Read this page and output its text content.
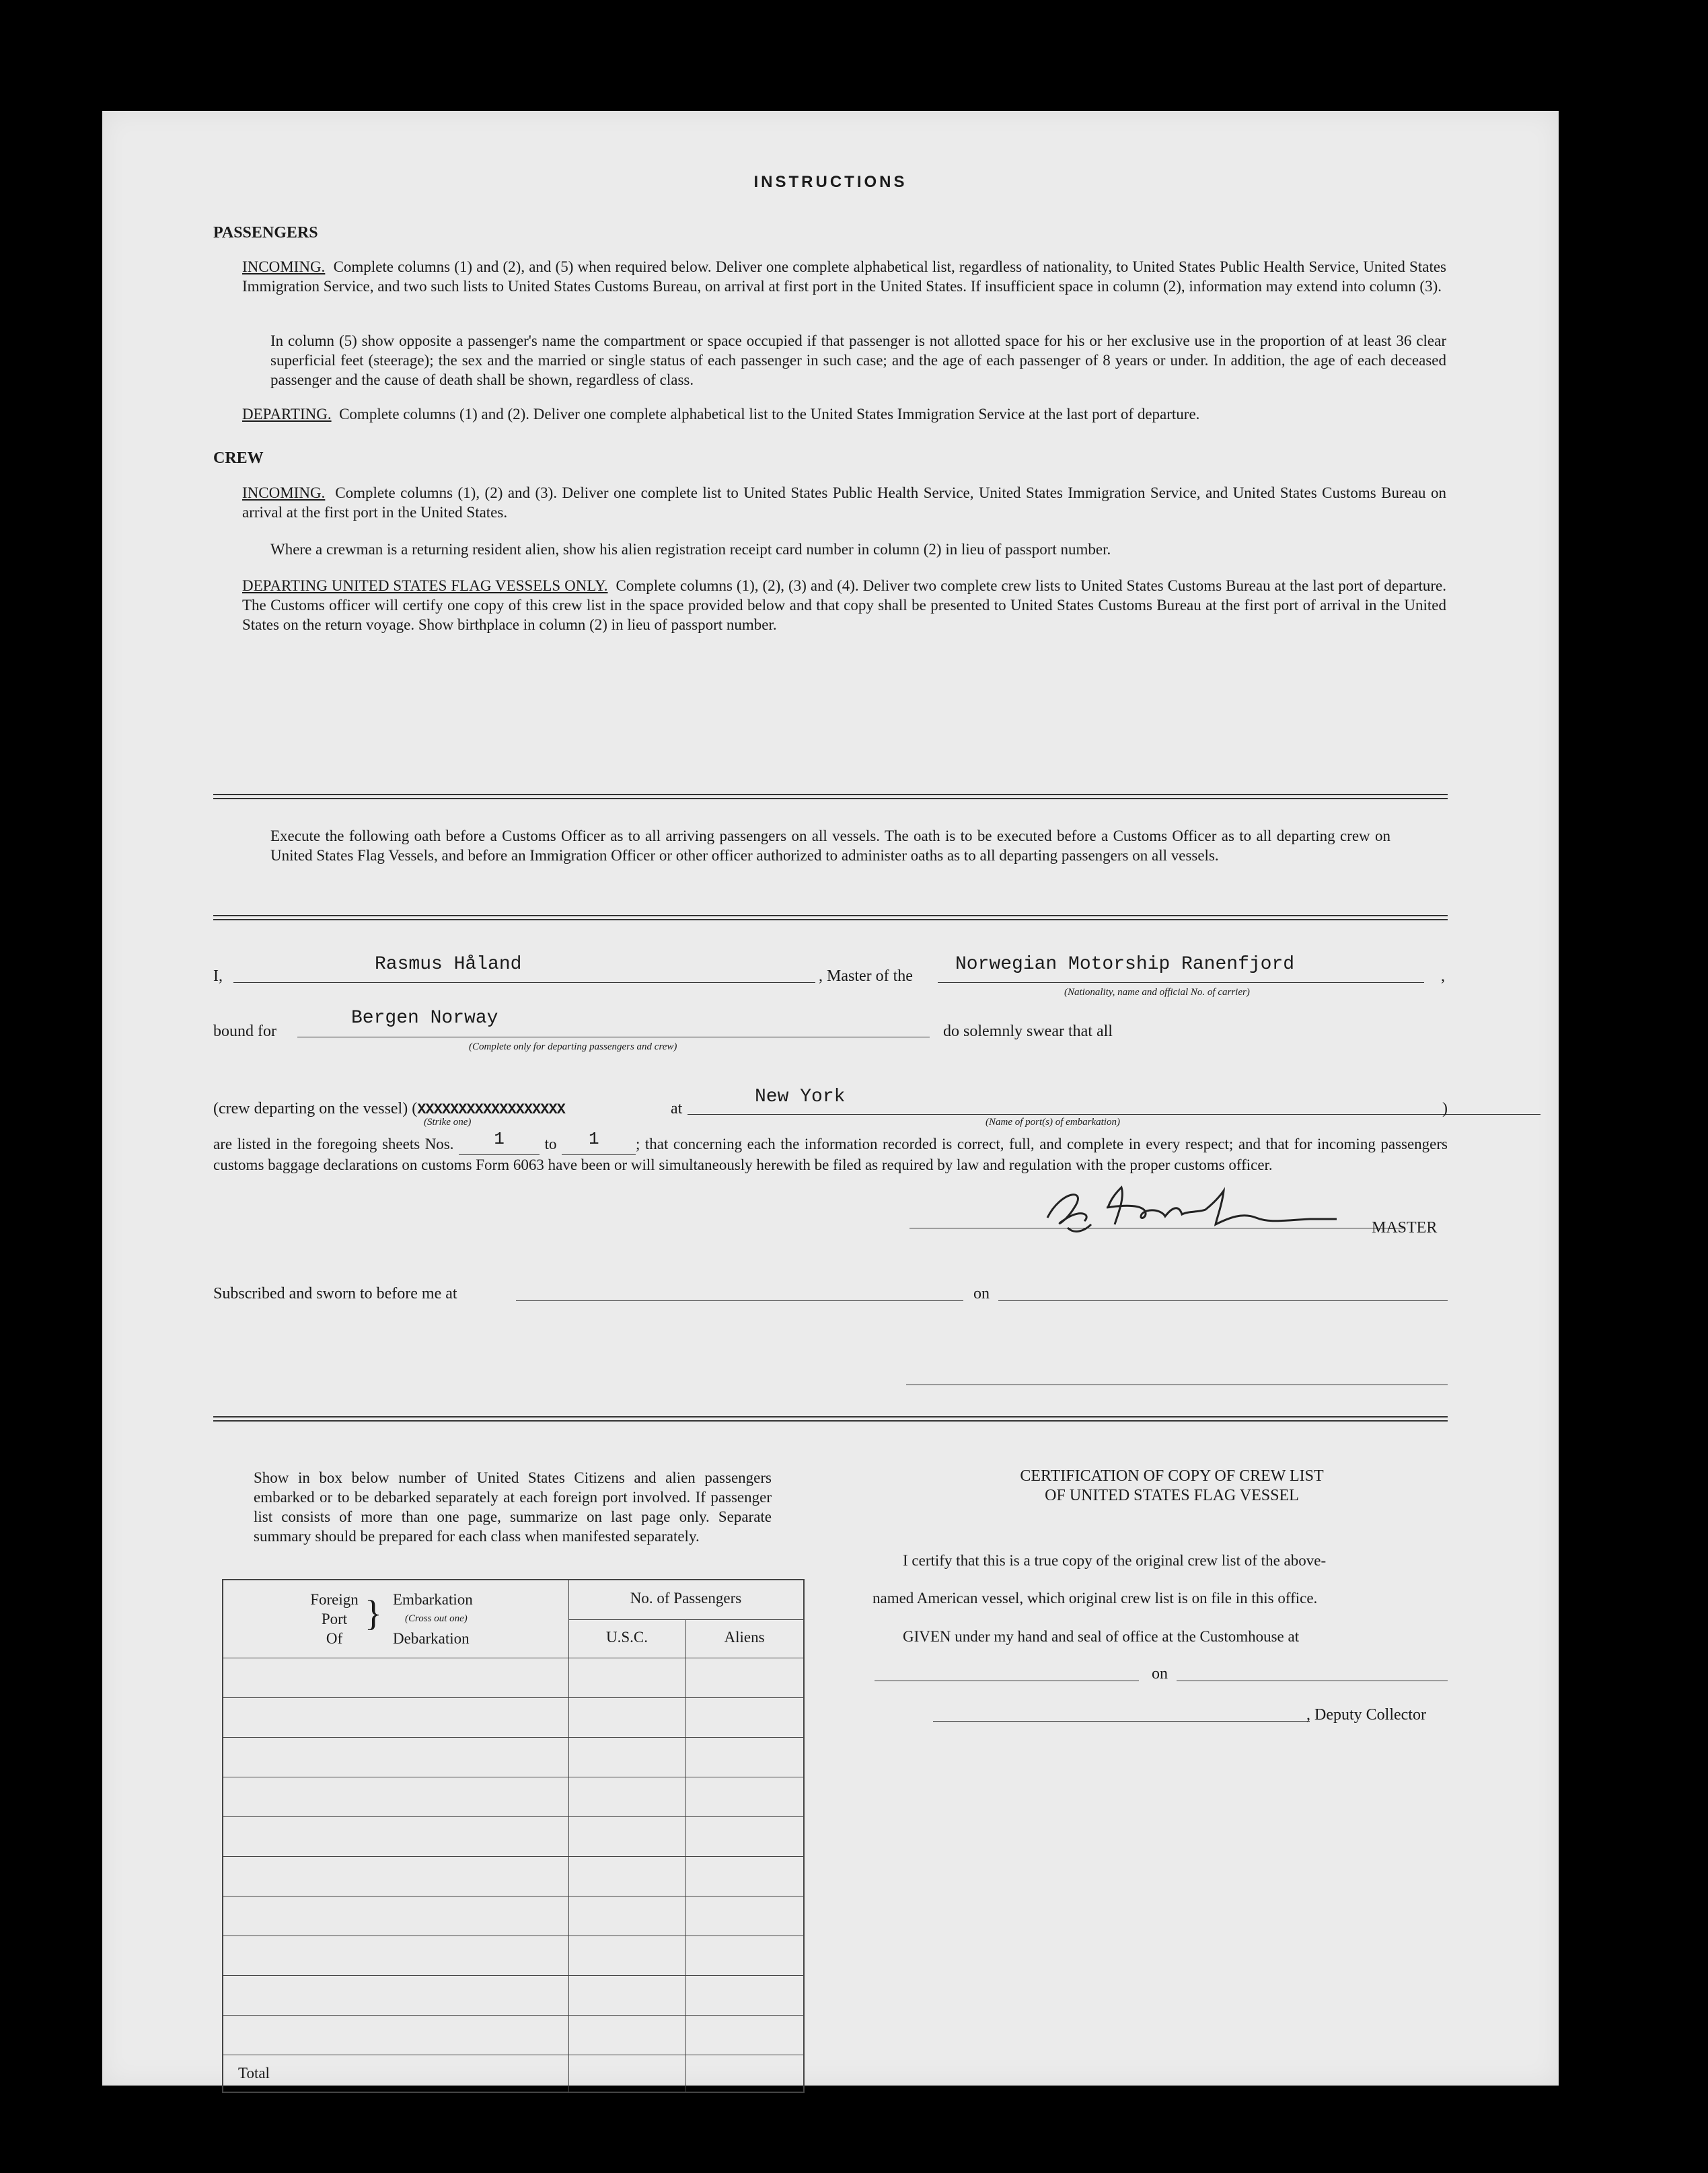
INSTRUCTIONS
PASSENGERS
INCOMING. Complete columns (1) and (2), and (5) when required below. Deliver one complete alphabetical list, regardless of nationality, to United States Public Health Service, United States Immigration Service, and two such lists to United States Customs Bureau, on arrival at first port in the United States. If insufficient space in column (2), information may extend into column (3).
In column (5) show opposite a passenger's name the compartment or space occupied if that passenger is not allotted space for his or her exclusive use in the proportion of at least 36 clear superficial feet (steerage); the sex and the married or single status of each passenger in such case; and the age of each passenger of 8 years or under. In addition, the age of each deceased passenger and the cause of death shall be shown, regardless of class.
DEPARTING. Complete columns (1) and (2). Deliver one complete alphabetical list to the United States Immigration Service at the last port of departure.
CREW
INCOMING. Complete columns (1), (2) and (3). Deliver one complete list to United States Public Health Service, United States Immigration Service, and United States Customs Bureau on arrival at the first port in the United States.
Where a crewman is a returning resident alien, show his alien registration receipt card number in column (2) in lieu of passport number.
DEPARTING UNITED STATES FLAG VESSELS ONLY. Complete columns (1), (2), (3) and (4). Deliver two complete crew lists to United States Customs Bureau at the last port of departure. The Customs officer will certify one copy of this crew list in the space provided below and that copy shall be presented to United States Customs Bureau at the first port of arrival in the United States on the return voyage. Show birthplace in column (2) in lieu of passport number.
Execute the following oath before a Customs Officer as to all arriving passengers on all vessels. The oath is to be executed before a Customs Officer as to all departing crew on United States Flag Vessels, and before an Immigration Officer or other officer authorized to administer oaths as to all departing passengers on all vessels.
I,
Rasmus Håland
, Master of the
Norwegian Motorship Ranenfjord
,
(Nationality, name and official No. of carrier)
bound for
Bergen Norway
(Complete only for departing passengers and crew)
do solemnly swear that all
(crew departing on the vessel) (XXXXXXXXXXXXXXXXXX	at
(Strike one)
New York
(Name of port(s) of embarkation)
)
are listed in the foregoing sheets Nos. 1	to 1 ; that concerning each the information recorded is correct, full, and complete in every respect; and that for incoming passengers customs baggage declarations on customs Form 6063 have been or will simultaneously herewith be filed as required by law and regulation with the proper customs officer.
MASTER
Subscribed and sworn to before me at	on
Show in box below number of United States Citizens and alien passengers embarked or to be debarked separately at each foreign port involved. If passenger list consists of more than one page, summarize on last page only. Separate summary should be prepared for each class when manifested separately.
Foreign
Port
Of
} Embarkation
(Cross out one)
Debarkation
No. of Passengers
U.S.C.	Aliens
Total
CERTIFICATION OF COPY OF CREW LIST
OF UNITED STATES FLAG VESSEL
I certify that this is a true copy of the original crew list of the above-
named American vessel, which original crew list is on file in this office.
GIVEN under my hand and seal of office at the Customhouse at
on
, Deputy Collector
